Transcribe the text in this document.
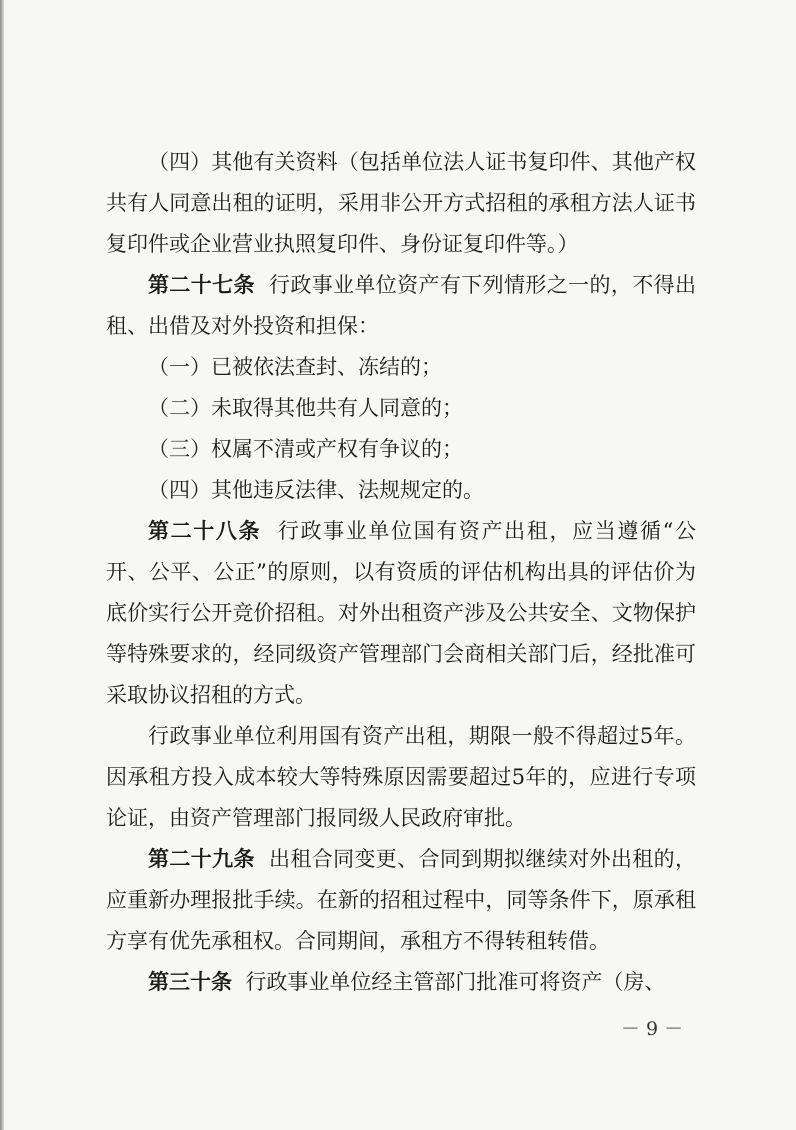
（四）其他有关资料（包括单位法人证书复印件、其他产权共有人同意出租的证明，采用非公开方式招租的承租方法人证书复印件或企业营业执照复印件、身份证复印件等。）

第二十七条 行政事业单位资产有下列情形之一的，不得出租、出借及对外投资和担保：

（一）已被依法查封、冻结的；

（二）未取得其他共有人同意的；

（三）权属不清或产权有争议的；

（四）其他违反法律、法规规定的。

第二十八条 行政事业单位国有资产出租，应当遵循“公开、公平、公正”的原则，以有资质的评估机构出具的评估价为底价实行公开竞价招租。对外出租资产涉及公共安全、文物保护等特殊要求的，经同级资产管理部门会商相关部门后，经批准可采取协议招租的方式。

行政事业单位利用国有资产出租，期限一般不得超过5年。因承租方投入成本较大等特殊原因需要超过5年的，应进行专项论证，由资产管理部门报同级人民政府审批。

第二十九条 出租合同变更、合同到期拟继续对外出租的，应重新办理报批手续。在新的招租过程中，同等条件下，原承租方享有优先承租权。合同期间，承租方不得转租转借。

第三十条 行政事业单位经主管部门批准可将资产（房、

－ 9 －
